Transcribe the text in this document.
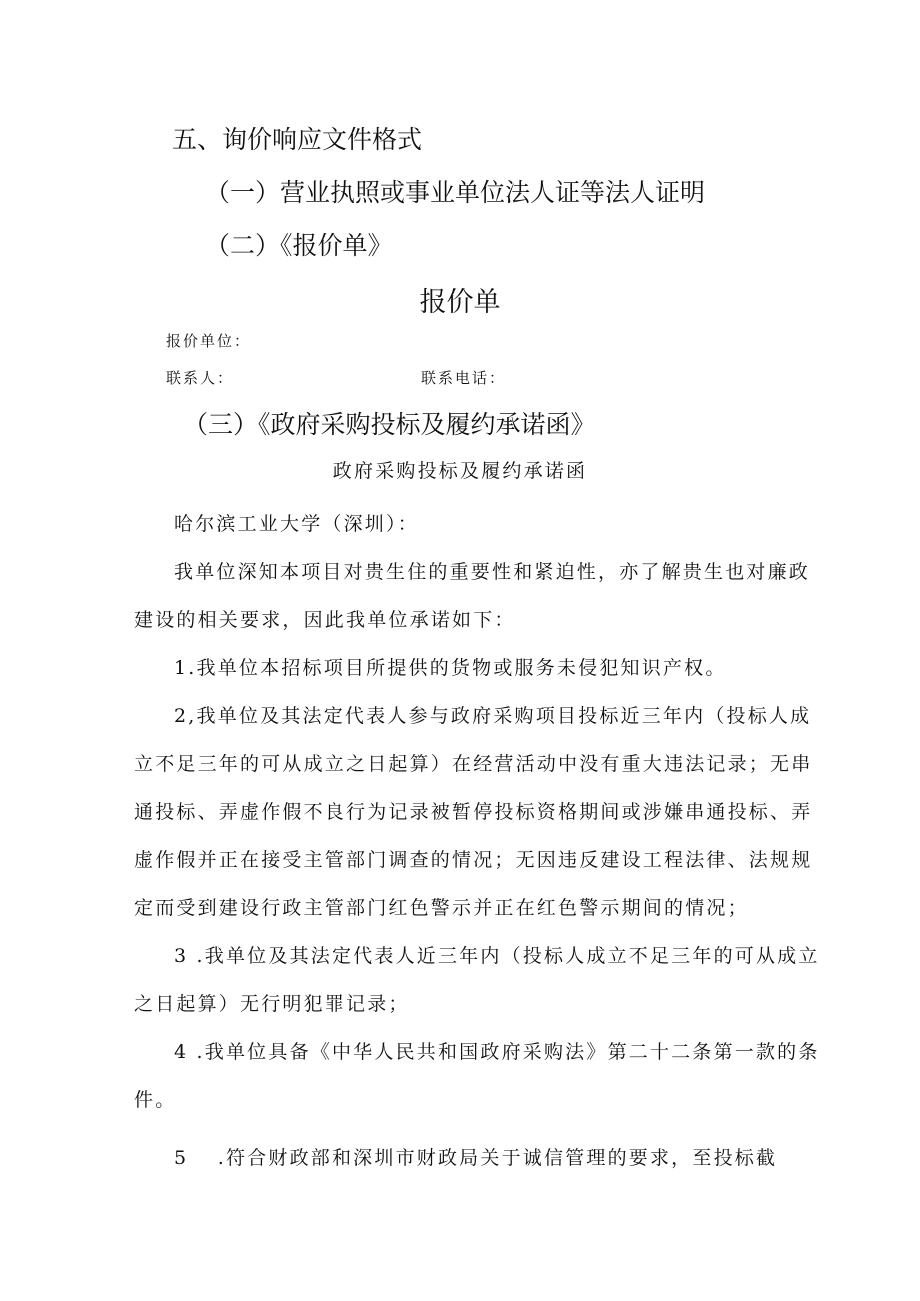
五、询价响应文件格式
（一）营业执照或事业单位法人证等法人证明
（二）《报价单》
报价单
报价单位：
联系人：	联系电话：
（三）《政府采购投标及履约承诺函》
政府采购投标及履约承诺函
哈尔滨工业大学（深圳）：
我单位深知本项目对贵生住的重要性和紧迫性，亦了解贵生也对廉政
建设的相关要求，因此我单位承诺如下：
1.我单位本招标项目所提供的货物或服务未侵犯知识产权。
2,我单位及其法定代表人参与政府采购项目投标近三年内（投标人成
立不足三年的可从成立之日起算）在经营活动中没有重大违法记录；无串
通投标、弄虚作假不良行为记录被暂停投标资格期间或涉嫌串通投标、弄
虚作假并正在接受主管部门调查的情况；无因违反建设工程法律、法规规
定而受到建设行政主管部门红色警示并正在红色警示期间的情况；
3 .我单位及其法定代表人近三年内（投标人成立不足三年的可从成立
之日起算）无行明犯罪记录；
4 .我单位具备《中华人民共和国政府采购法》第二十二条第一款的条
件。
5　 .符合财政部和深圳市财政局关于诚信管理的要求，至投标截
